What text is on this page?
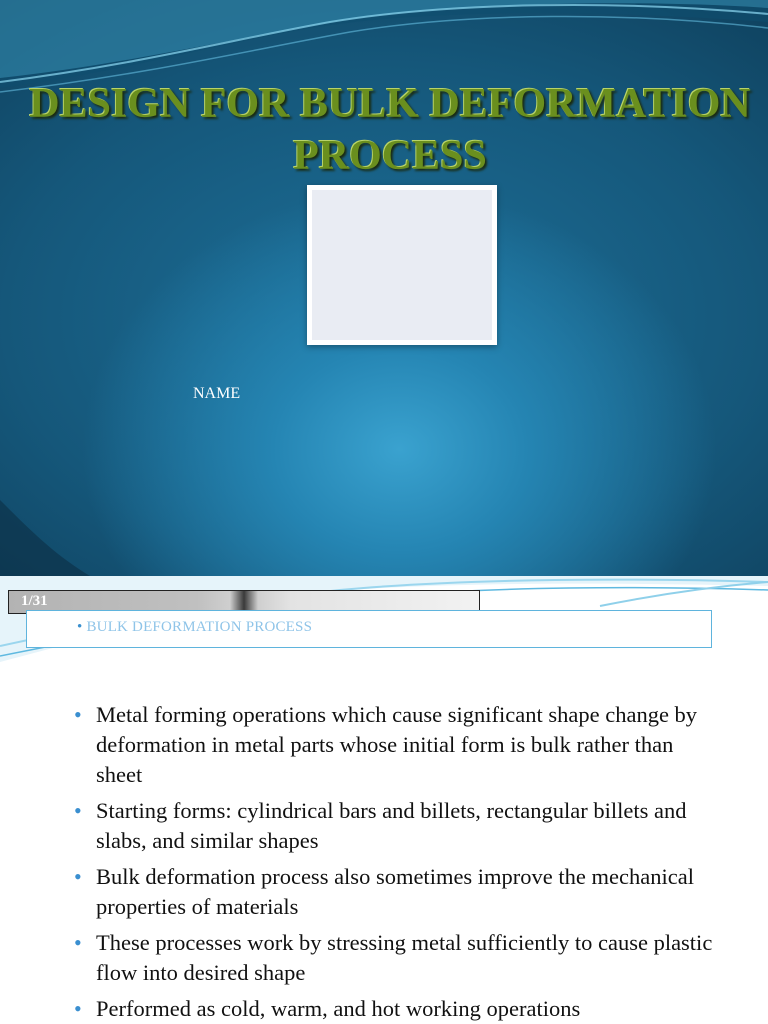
DESIGN FOR BULK DEFORMATION
PROCESS
NAME
1/31
• BULK DEFORMATION PROCESS
• Metal forming operations which cause significant shape change by deformation in metal parts whose initial form is bulk rather than sheet
• Starting forms: cylindrical bars and billets, rectangular billets and slabs, and similar shapes
• Bulk deformation process also sometimes improve the mechanical properties of materials
• These processes work by stressing metal sufficiently to cause plastic flow into desired shape
• Performed as cold, warm, and hot working operations
